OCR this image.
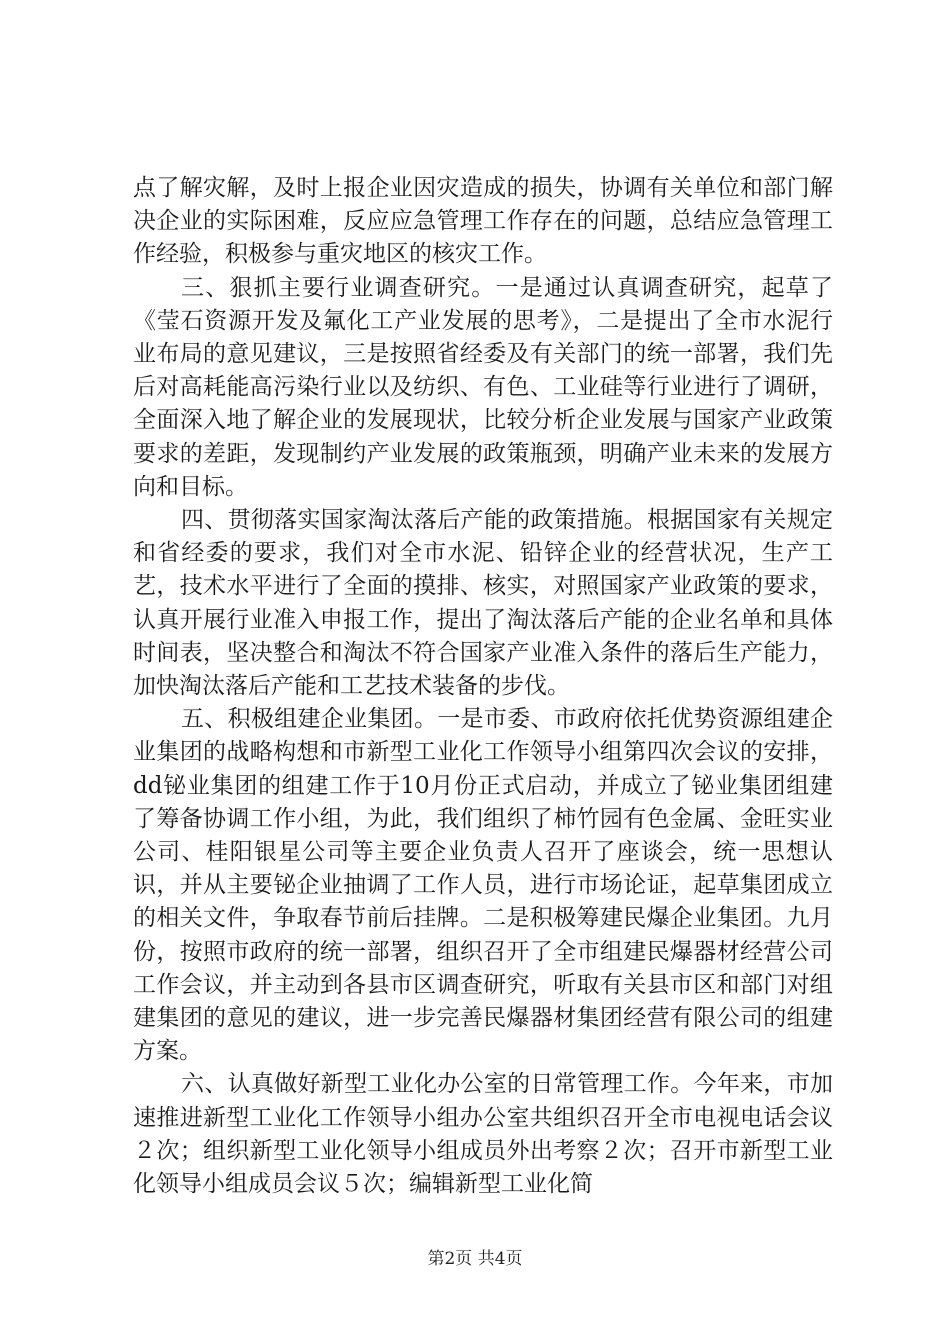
点了解灾解，及时上报企业因灾造成的损失，协调有关单位和部门解决企业的实际困难，反应应急管理工作存在的问题，总结应急管理工作经验，积极参与重灾地区的核灾工作。

三、狠抓主要行业调查研究。一是通过认真调查研究，起草了《莹石资源开发及氟化工产业发展的思考》，二是提出了全市水泥行业布局的意见建议，三是按照省经委及有关部门的统一部署，我们先后对高耗能高污染行业以及纺织、有色、工业硅等行业进行了调研，全面深入地了解企业的发展现状，比较分析企业发展与国家产业政策要求的差距，发现制约产业发展的政策瓶颈，明确产业未来的发展方向和目标。

四、贯彻落实国家淘汰落后产能的政策措施。根据国家有关规定和省经委的要求，我们对全市水泥、铅锌企业的经营状况，生产工艺，技术水平进行了全面的摸排、核实，对照国家产业政策的要求，认真开展行业准入申报工作，提出了淘汰落后产能的企业名单和具体时间表，坚决整合和淘汰不符合国家产业准入条件的落后生产能力，加快淘汰落后产能和工艺技术装备的步伐。

五、积极组建企业集团。一是市委、市政府依托优势资源组建企业集团的战略构想和市新型工业化工作领导小组第四次会议的安排，dd铋业集团的组建工作于10月份正式启动，并成立了铋业集团组建了筹备协调工作小组，为此，我们组织了柿竹园有色金属、金旺实业公司、桂阳银星公司等主要企业负责人召开了座谈会，统一思想认识，并从主要铋企业抽调了工作人员，进行市场论证，起草集团成立的相关文件，争取春节前后挂牌。二是积极筹建民爆企业集团。九月份，按照市政府的统一部署，组织召开了全市组建民爆器材经营公司工作会议，并主动到各县市区调查研究，听取有关县市区和部门对组建集团的意见的建议，进一步完善民爆器材集团经营有限公司的组建方案。

六、认真做好新型工业化办公室的日常管理工作。今年来，市加速推进新型工业化工作领导小组办公室共组织召开全市电视电话会议２次；组织新型工业化领导小组成员外出考察２次；召开市新型工业化领导小组成员会议５次；编辑新型工业化简

第2页 共4页
